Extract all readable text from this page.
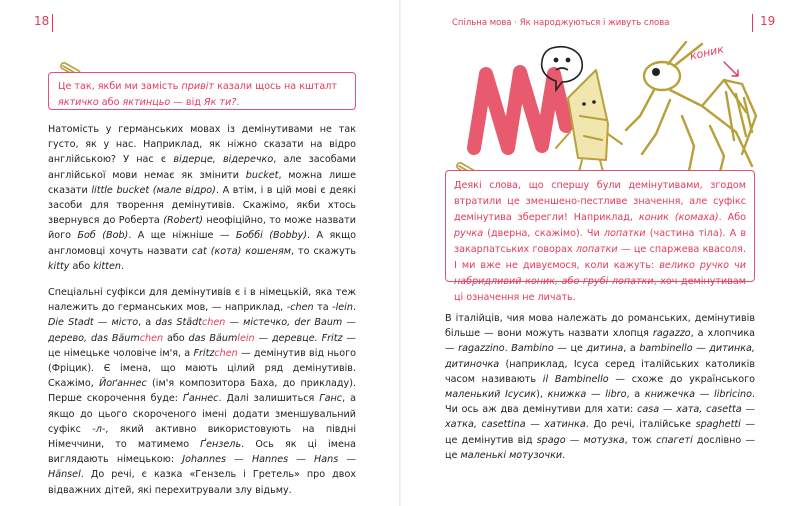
18

Це так, якби ми замість привіт казали щось на кшталт яктичко або яктинцьо — від Як ти?.

Натомість у германських мовах із демінутивами не так густо, як у нас. Наприклад, як ніжно сказати на відро англійською? У нас є відерце, відеречко, але засобами англійської мови немає як змінити bucket, можна лише сказати little bucket (мале відро). А втім, і в цій мові є деякі засоби для творення демінутивів. Скажімо, якби хтось звернувся до Роберта (Robert) неофіційно, то може назвати його Боб (Bob). А ще ніжніше — Боббі (Bobby). А якщо англомовці хочуть назвати cat (кота) кошеням, то скажуть kitty або kitten.

Спеціальні суфікси для демінутивів є і в німецькій, яка теж належить до германських мов, — наприклад, -chen та -lein. Die Stadt — місто, а das Städtchen — містечко, der Baum — дерево, das Bäumchen або das Bäumlein — деревце. Fritz — це німецьке чоловіче ім'я, а Fritzchen — демінутив від нього (Фріцик). Є імена, що мають цілий ряд демінутивів. Скажімо, Йоґаннес (ім'я композитора Баха, до прикладу). Перше скорочення буде: Ґаннес. Далі залишиться Ганс, а якщо до цього скороченого імені додати зменшувальний суфікс -л-, який активно використовують на півдні Німеччини, то матимемо Ґензель. Ось як ці імена виглядають німецькою: Johannes — Hannes — Hans — Hänsel. До речі, є казка «Гензель і Гретель» про двох відважних дітей, які перехитрували злу відьму.

Спільна мова · Як народжуються і живуть слова	19
коник

Деякі слова, що спершу були демінутивами, згодом втратили це зменшено-пестливе значення, але суфікс демінутива зберегли! Наприклад, коник (комаха). Або ручка (дверна, скажімо). Чи лопатки (частина тіла). А в закарпатських говорах лопатки — це спаржева квасоля. І ми вже не дивуємося, коли кажуть: велико ручко чи набридливий коник, або грубі лопатки, хоч демінутивам ці означення не личать.

В італійців, чия мова належать до романських, демінутивів більше — вони можуть назвати хлопця ragazzo, а хлопчика — ragazzino. Bambino — це дитина, а bambinello — дитинка, дитиночка (наприклад, Ісуса серед італійських католиків часом називають il Bambinello — схоже до українського маленький Ісусик), книжка — libro, а книжечка — libricino. Чи ось аж два демінутиви для хати: casa — хата, casetta — хатка, casettina — хатинка. До речі, італійське spaghetti — це демінутив від spago — мотузка, тож спагеті дослівно — це маленькі мотузочки.
